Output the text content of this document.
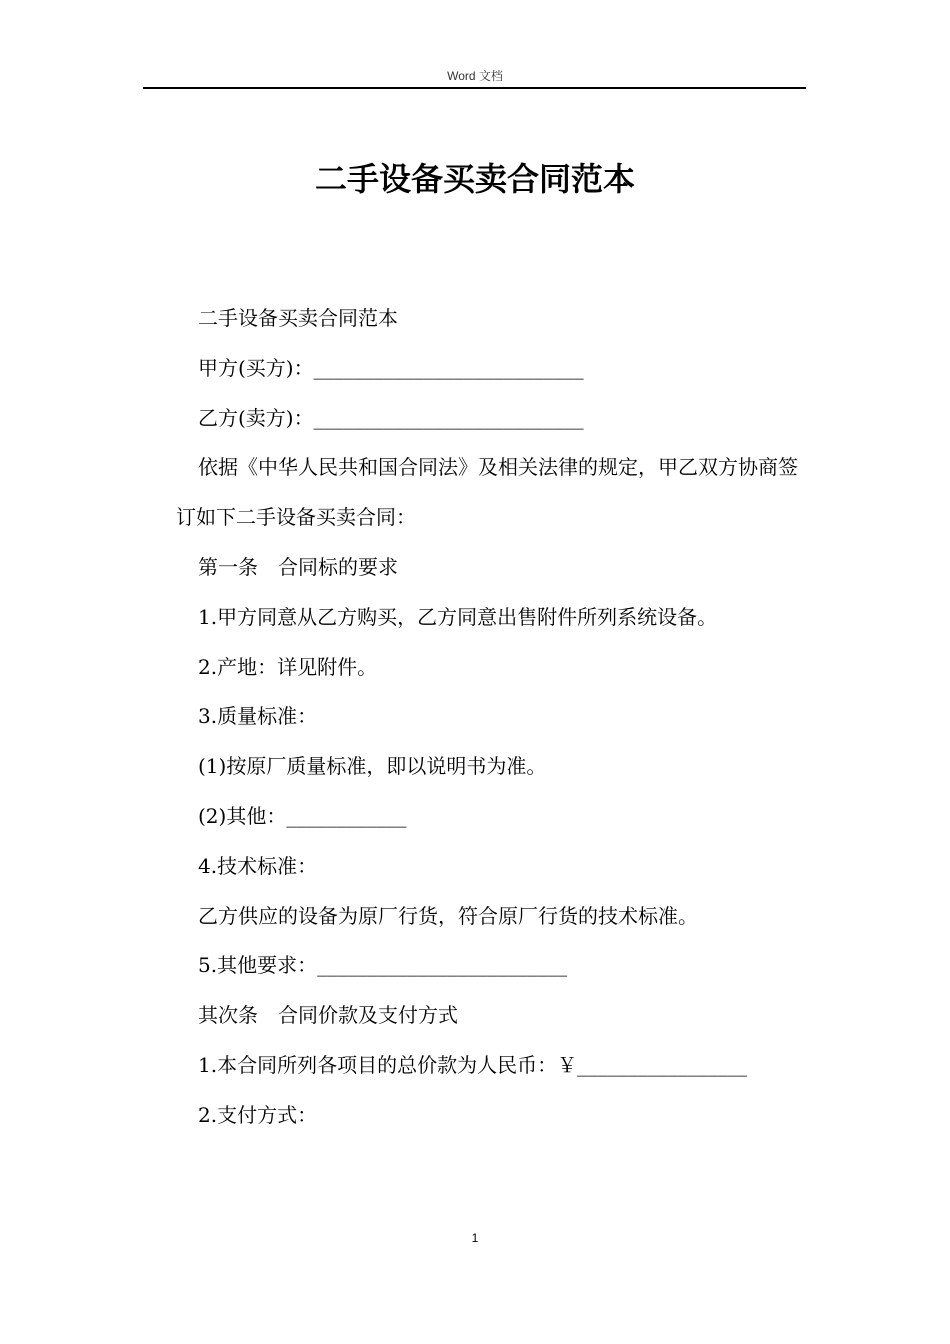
Word 文档
二手设备买卖合同范本

二手设备买卖合同范本

甲方(买方)：___________________________

乙方(卖方)：___________________________

依据《中华人民共和国合同法》及相关法律的规定，甲乙双方协商签订如下二手设备买卖合同：

第一条　合同标的要求

1.甲方同意从乙方购买，乙方同意出售附件所列系统设备。

2.产地：详见附件。

3.质量标准：

(1)按原厂质量标准，即以说明书为准。

(2)其他：____________

4.技术标准：

乙方供应的设备为原厂行货，符合原厂行货的技术标准。

5.其他要求：_________________________

其次条　合同价款及支付方式

1.本合同所列各项目的总价款为人民币：￥_________________

2.支付方式：

1
